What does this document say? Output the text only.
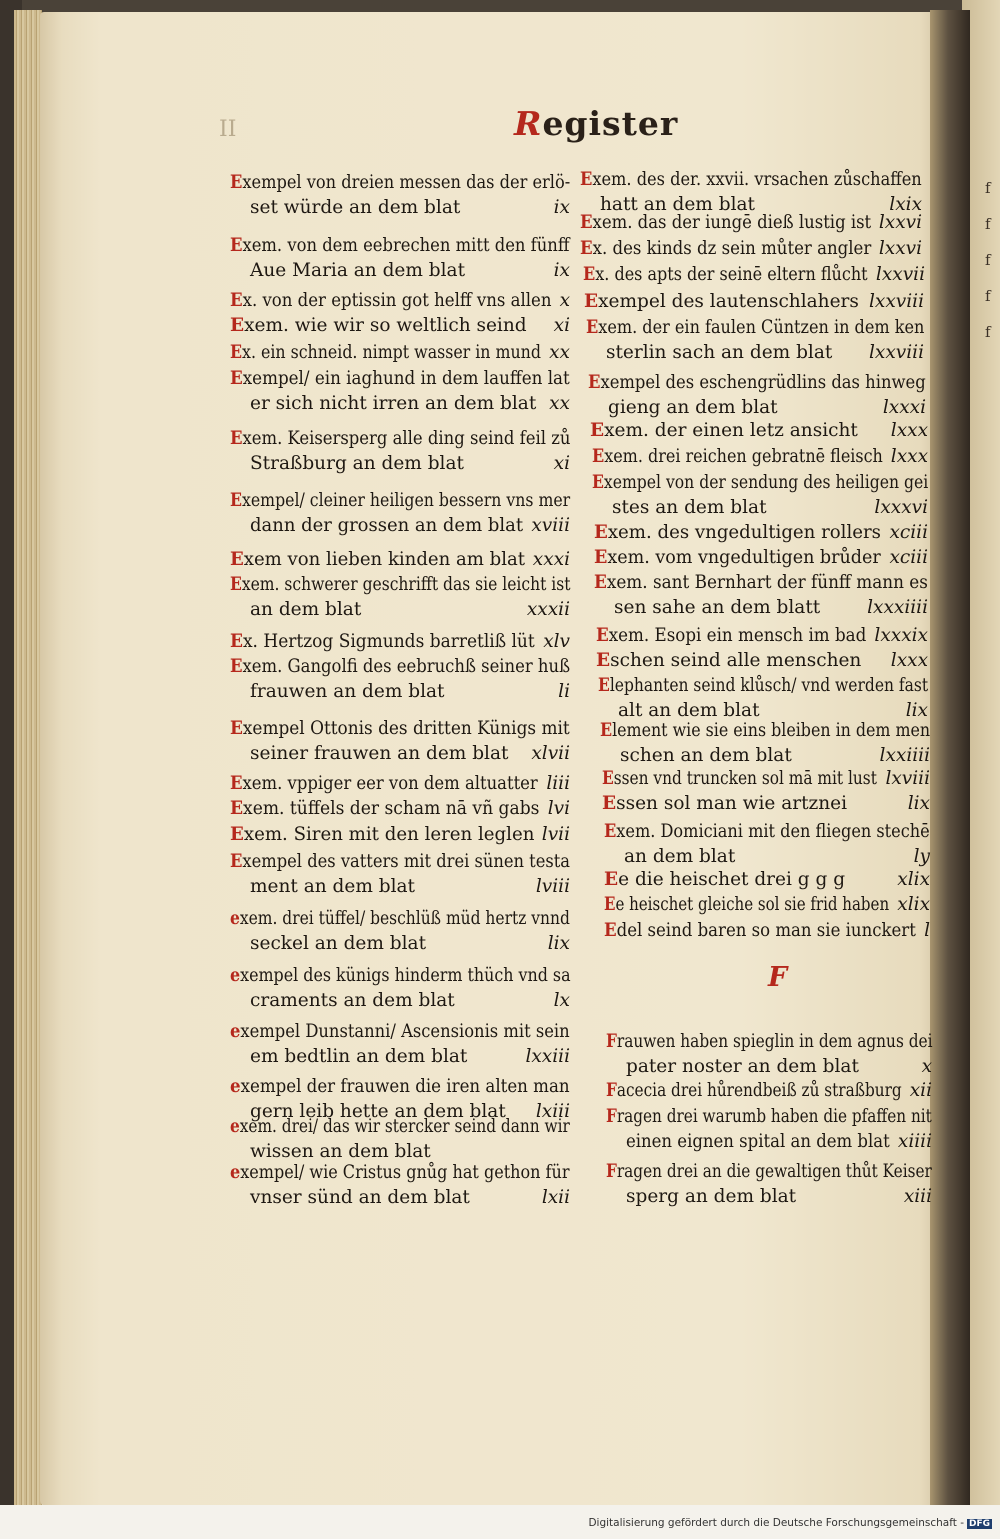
f
f
f
f
f
II	Register
Exempel von dreien messen das der erlö-
set würde an dem blat	ix
Exem. von dem eebrechen mitt den fünff
Aue Maria an dem blat	ix
Ex. von der eptissin got helff vns allen x
Exem. wie wir so weltlich seind xi
Ex. ein schneid. nimpt wasser in mund xx
Exempel/ ein iaghund in dem lauffen lat
er sich nicht irren an dem blat xx
Exem. Keisersperg alle ding seind feil zů
Straßburg an dem blat	xi
Exempel/ cleiner heiligen bessern vns mer
dann der grossen an dem blat xviii
Exem von lieben kinden am blat xxxi
Exem. schwerer geschrifft das sie leicht ist
an dem blat	xxxii
Ex. Hertzog Sigmunds barretliß lüt xlv
Exem. Gangolfi des eebruchß seiner huß
frauwen an dem blat	li
Exempel Ottonis des dritten Künigs mit
seiner frauwen an dem blat xlvii
Exem. vppiger eer von dem altuatter liii
Exem. tüffels der scham nā vñ gabs lvi
Exem. Siren mit den leren leglen lvii
Exempel des vatters mit drei sünen testa
ment an dem blat	lviii
exem. drei tüffel/ beschlüß müd hertz vnnd
seckel an dem blat	lix
exempel des künigs hinderm thüch vnd sa
craments an dem blat	lx
exempel Dunstanni/ Ascensionis mit sein
em bedtlin an dem blat	lxxiii
exempel der frauwen die iren alten man
gern leib hette an dem blat lxiii
exem. drei/ das wir stercker seind dann wir
wissen an dem blat
exempel/ wie Cristus gnůg hat gethon für
vnser sünd an dem blat	lxii
Exem. des der. xxvii. vrsachen zůschaffen
hatt an dem blat	lxix
Exem. das der iungē dieß lustig ist lxxvi
Ex. des kinds dz sein můter angler lxxvi
Ex. des apts der seinē eltern flůcht lxxvii
Exempel des lautenschlahers lxxviii
Exem. der ein faulen Cüntzen in dem ken
sterlin sach an dem blat lxxviii
Exempel des eschengrüdlins das hinweg
gieng an dem blat	lxxxi
Exem. der einen letz ansicht lxxx
Exem. drei reichen gebratnē fleisch lxxx
Exempel von der sendung des heiligen gei
stes an dem blat	lxxxvi
Exem. des vngedultigen rollers xciii
Exem. vom vngedultigen brůder xciii
Exem. sant Bernhart der fünff mann es
sen sahe an dem blatt	lxxxiiii
Exem. Esopi ein mensch im bad lxxxix
Eschen seind alle menschen lxxx
Elephanten seind klůsch/ vnd werden fast
alt an dem blat	lix
Element wie sie eins bleiben in dem men
schen an dem blat	lxxiiii
Essen vnd truncken sol mā mit lust lxviii
Essen sol man wie artznei	lix
Exem. Domiciani mit den fliegen stechē
an dem blat	ly
Ee die heischet drei g g g	xlix
Ee heischet gleiche sol sie frid haben xlix
Edel seind baren so man sie iunckert l
Frauwen haben spieglin in dem agnus dei
pater noster an dem blat	x
Facecia drei hůrendbeiß zů straßburg xii
Fragen drei warumb haben die pfaffen nit
einen eignen spital an dem blat xiiii
Fragen drei an die gewaltigen thůt Keiser
sperg an dem blat	xiii
F
Digitalisierung gefördert durch die Deutsche Forschungsgemeinschaft - DFG
